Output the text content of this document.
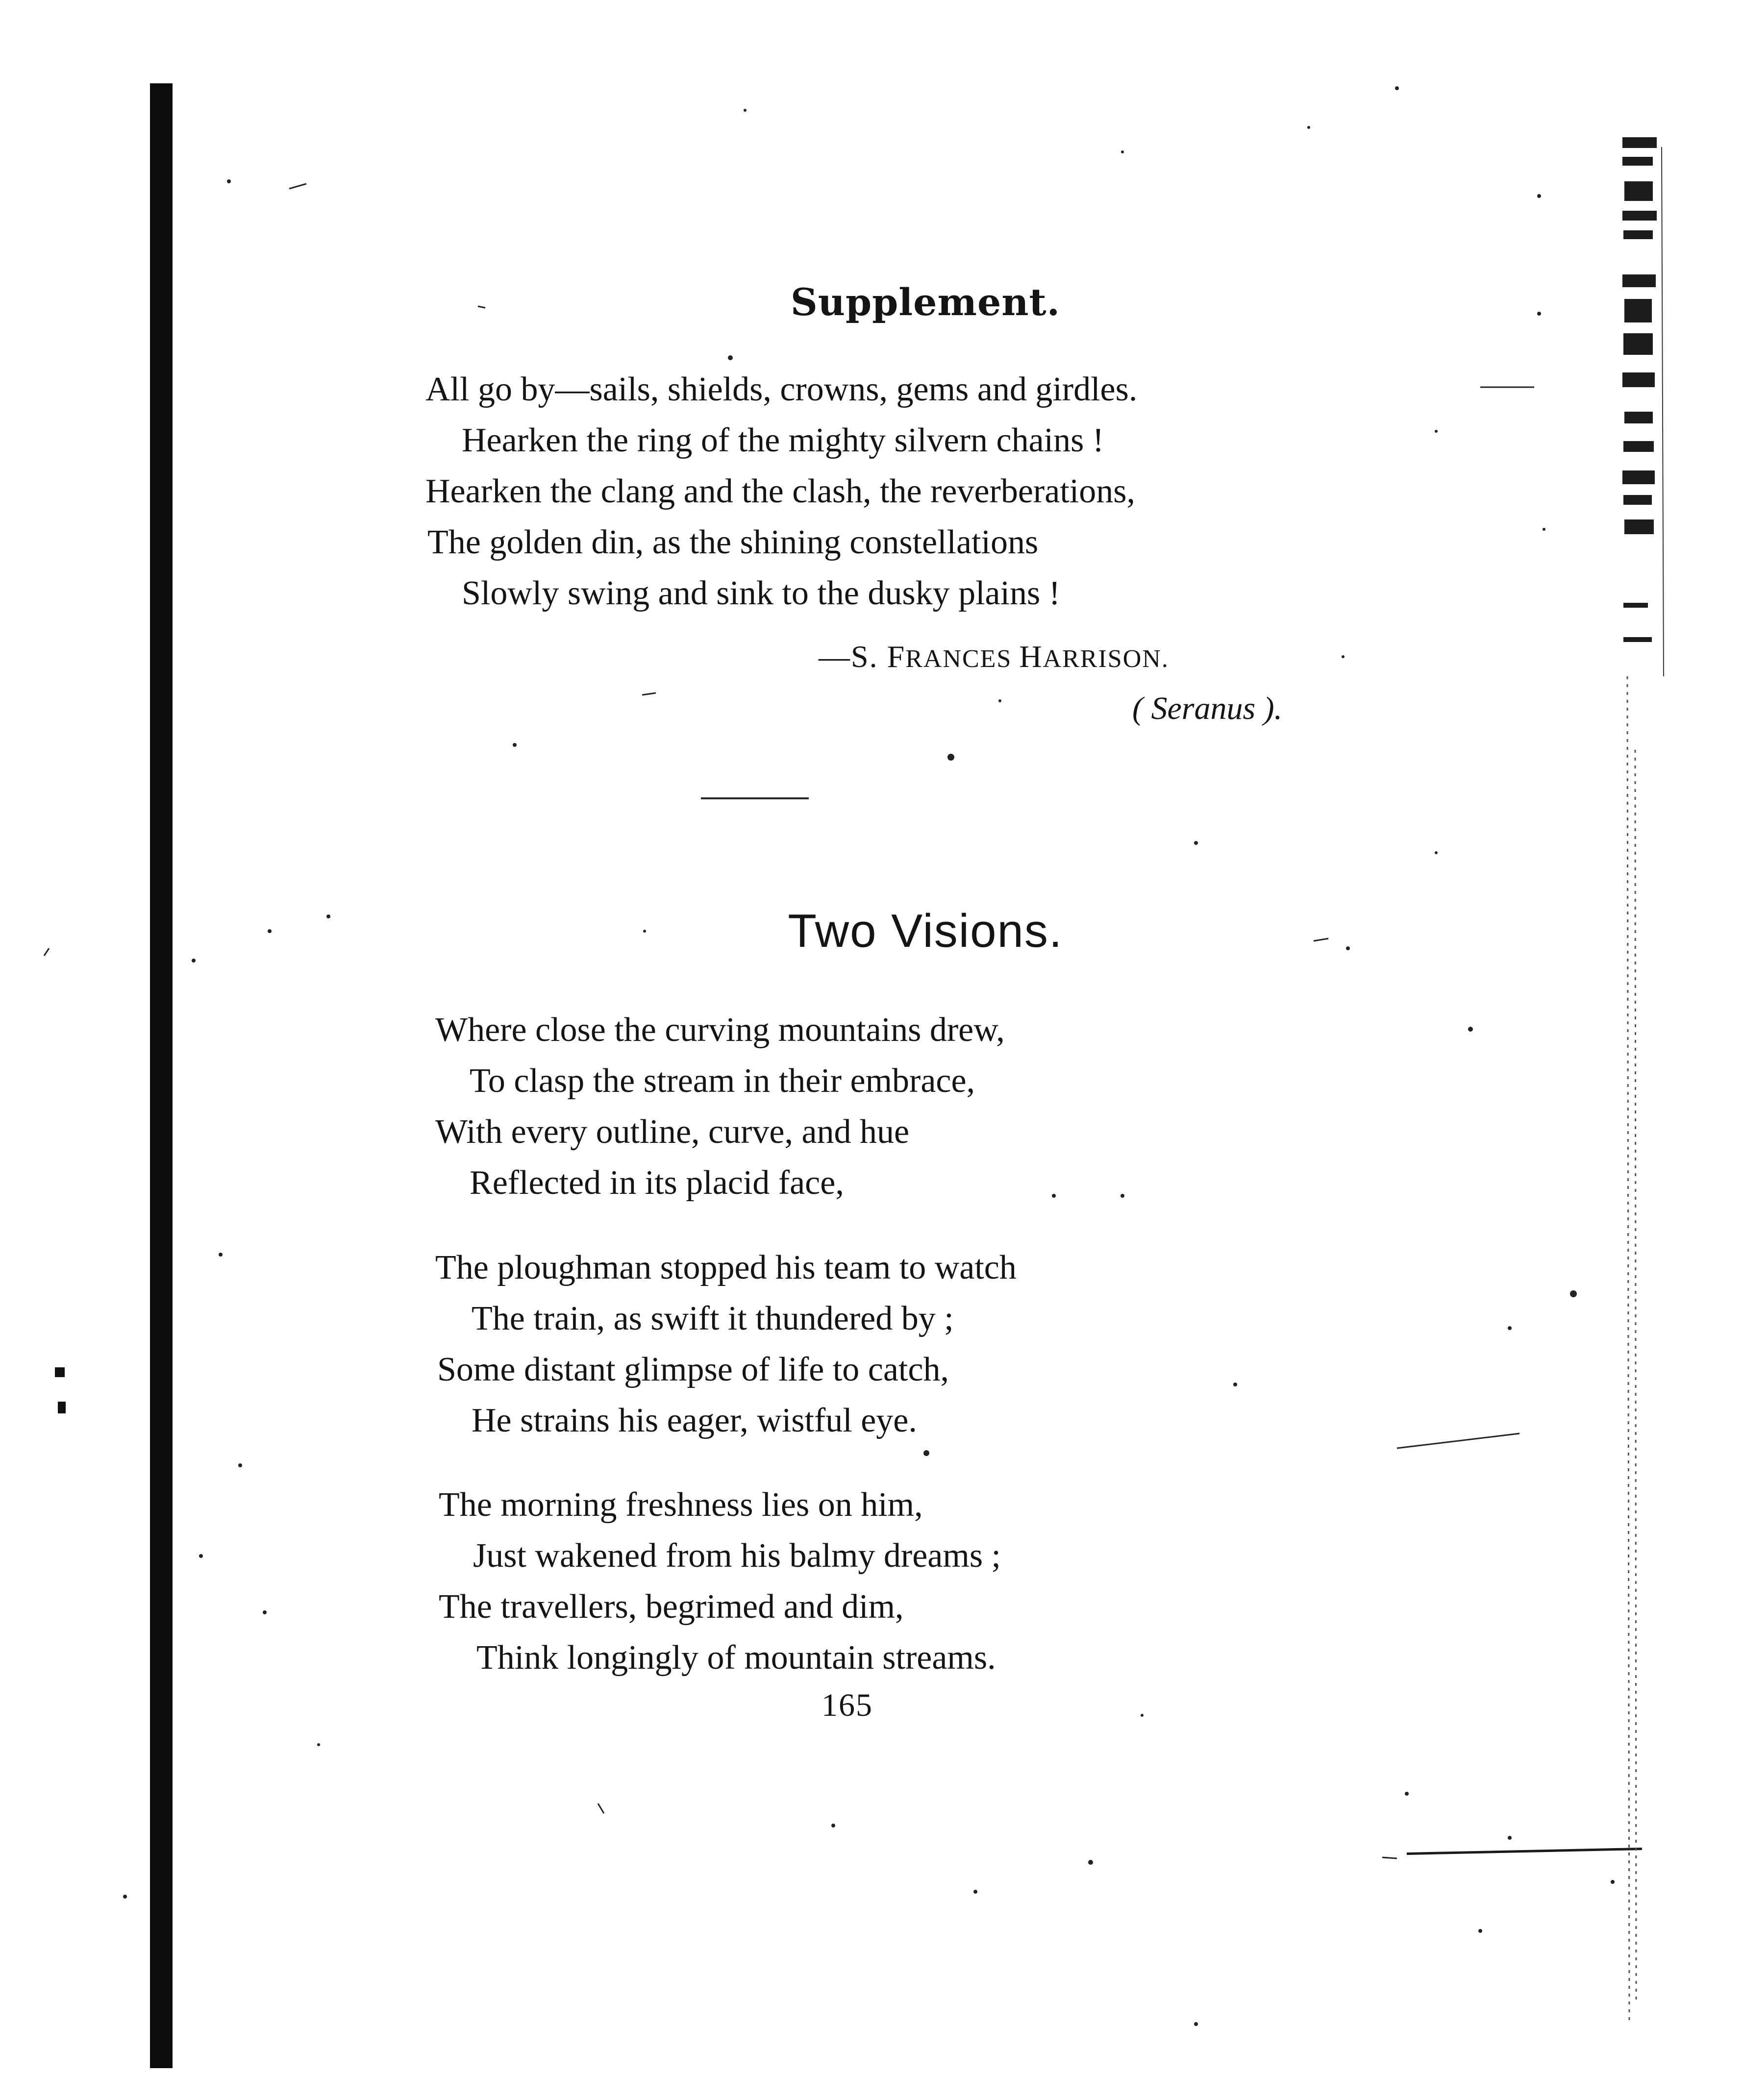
Supplement.
All go by—sails, shields, crowns, gems and girdles.
Hearken the ring of the mighty silvern chains !
Hearken the clang and the clash, the reverberations,
The golden din, as the shining constellations
Slowly swing and sink to the dusky plains !
—S. FRANCES HARRISON.
( Seranus ).
Two Visions.
Where close the curving mountains drew,
To clasp the stream in their embrace,
With every outline, curve, and hue
Reflected in its placid face,
The ploughman stopped his team to watch
The train, as swift it thundered by ;
Some distant glimpse of life to catch,
He strains his eager, wistful eye.
The morning freshness lies on him,
Just wakened from his balmy dreams ;
The travellers, begrimed and dim,
Think longingly of mountain streams.
165
